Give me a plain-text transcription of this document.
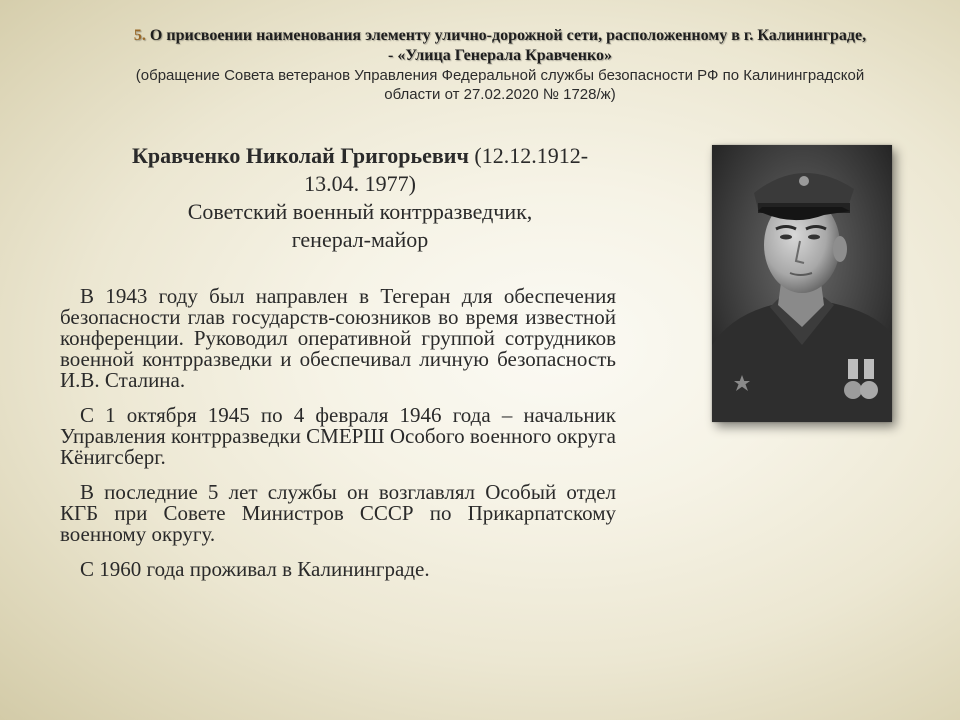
5. О присвоении наименования элементу улично-дорожной сети, расположенному в г. Калининграде,
- «Улица Генерала Кравченко»
(обращение Совета ветеранов Управления Федеральной службы безопасности РФ по Калининградской
области от 27.02.2020 № 1728/ж)
Кравченко Николай Григорьевич (12.12.1912-
13.04. 1977)
Советский военный контрразведчик,
генерал-майор

В 1943 году был направлен в Тегеран для обеспечения безопасности глав государств-союзников во время известной конференции. Руководил оперативной группой сотрудников военной контрразведки и обеспечивал личную безопасность И.В. Сталина.

С 1 октября 1945 по 4 февраля 1946 года – начальник Управления контрразведки СМЕРШ Особого военного округа Кёнигсберг.

В последние 5 лет службы он возглавлял Особый отдел КГБ при Совете Министров СССР по Прикарпатскому военному округу.

С 1960 года проживал в Калининграде.
